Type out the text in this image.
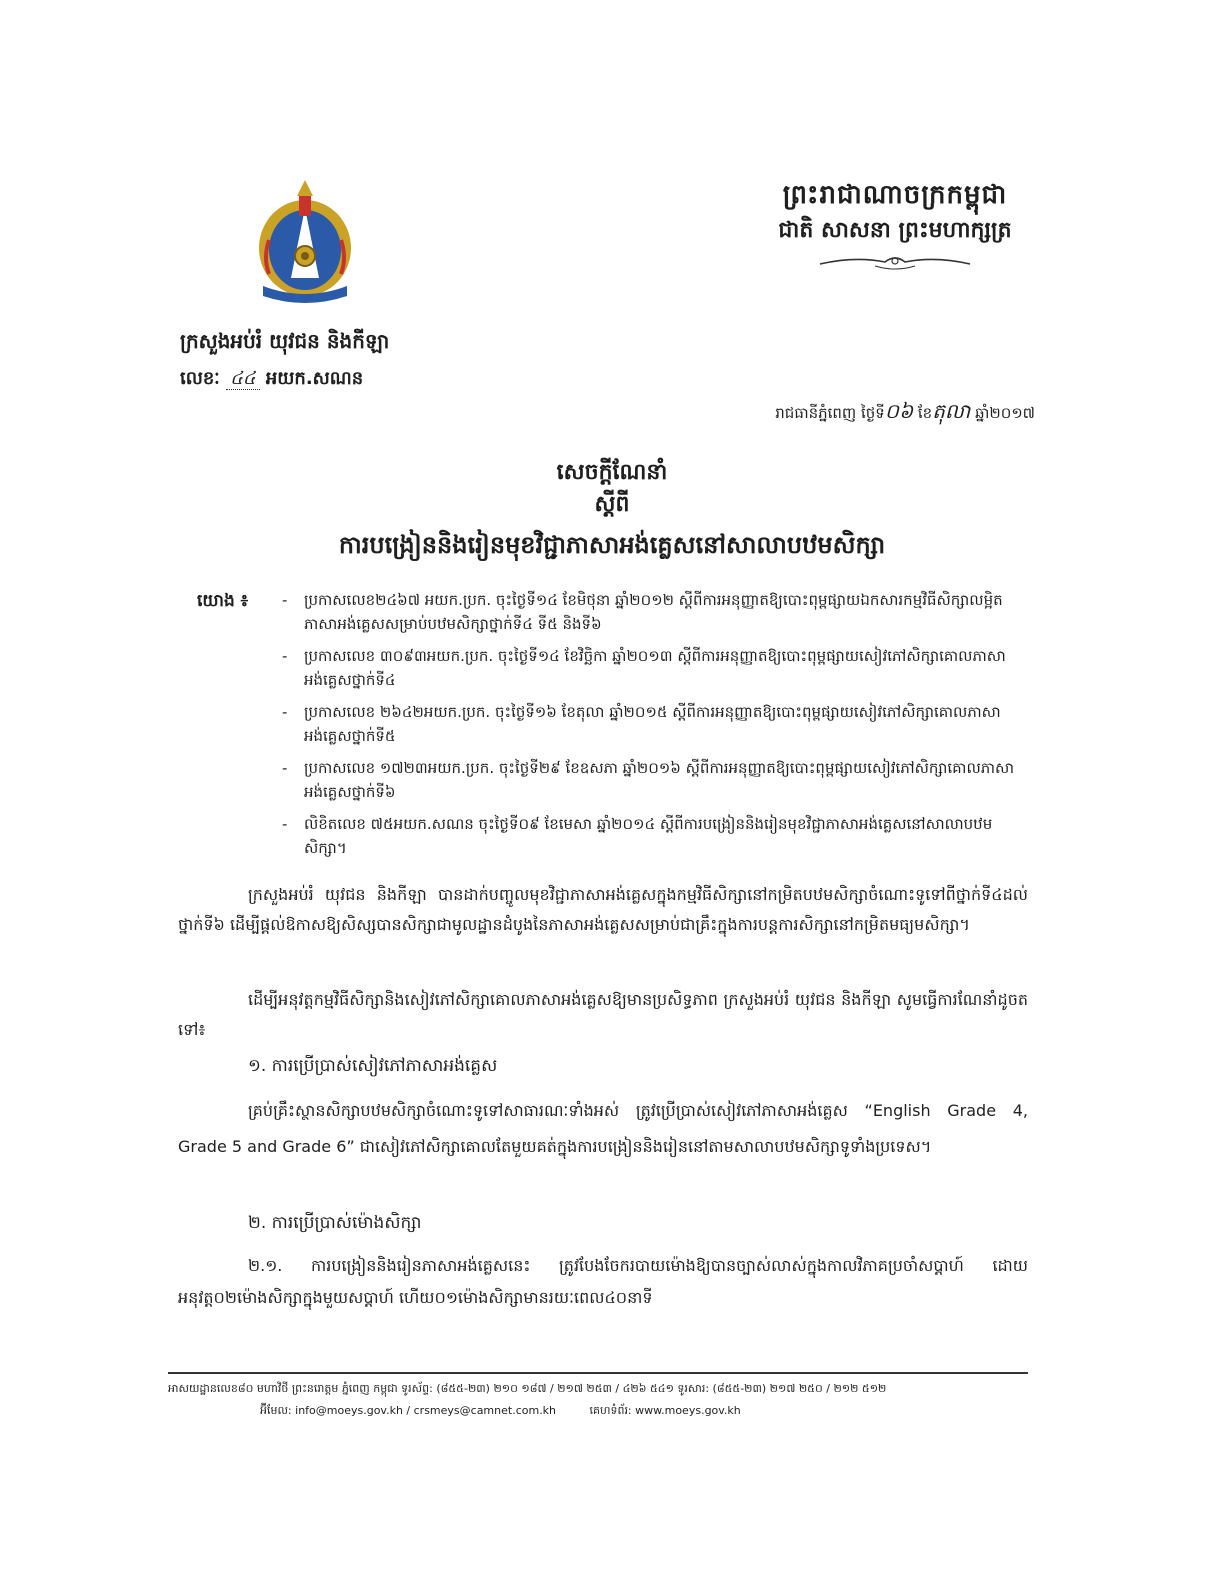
ព្រះរាជាណាចក្រកម្ពុជា
ជាតិ សាសនា ព្រះមហាក្សត្រ
ក្រសួងអប់រំ យុវជន និងកីឡា
លេខៈ ៤៤ អយក.សណន
រាជធានីភ្នំពេញ ថ្ងៃទី០៦ ខែតុលា ឆ្នាំ២០១៧
សេចក្តីណែនាំ
ស្តីពី
ការបង្រៀននិងរៀនមុខវិជ្ជាភាសាអង់គ្លេសនៅសាលាបឋមសិក្សា
យោង ៖
-	ប្រកាសលេខ២៤៦៧ អយក.ប្រក. ចុះថ្ងៃទី១៤ ខែមិថុនា ឆ្នាំ២០១២ ស្តីពីការអនុញ្ញាតឱ្យបោះពុម្ពផ្សាយឯកសារកម្មវិធីសិក្សាលម្អិតភាសាអង់គ្លេសសម្រាប់បឋមសិក្សាថ្នាក់ទី៤ ទី៥ និងទី៦
- ប្រកាសលេខ ៣០៩៣អយក.ប្រក. ចុះថ្ងៃទី១៤ ខែវិច្ឆិកា ឆ្នាំ២០១៣ ស្តីពីការអនុញ្ញាតឱ្យបោះពុម្ពផ្សាយសៀវភៅសិក្សាគោលភាសាអង់គ្លេសថ្នាក់ទី៤
- ប្រកាសលេខ ២៦៤២អយក.ប្រក. ចុះថ្ងៃទី១៦ ខែតុលា ឆ្នាំ២០១៥ ស្តីពីការអនុញ្ញាតឱ្យបោះពុម្ពផ្សាយសៀវភៅសិក្សាគោលភាសាអង់គ្លេសថ្នាក់ទី៥
- ប្រកាសលេខ ១៧២៣អយក.ប្រក. ចុះថ្ងៃទី២៩ ខែឧសភា ឆ្នាំ២០១៦ ស្តីពីការអនុញ្ញាតឱ្យបោះពុម្ពផ្សាយសៀវភៅសិក្សាគោលភាសាអង់គ្លេសថ្នាក់ទី៦
- លិខិតលេខ ៧៥អយក.សណន ចុះថ្ងៃទី០៩ ខែមេសា ឆ្នាំ២០១៤ ស្តីពីការបង្រៀននិងរៀនមុខវិជ្ជាភាសាអង់គ្លេសនៅសាលាបឋមសិក្សា។
ក្រសួងអប់រំ យុវជន និងកីឡា បានដាក់បញ្ចូលមុខវិជ្ជាភាសាអង់គ្លេសក្នុងកម្មវិធីសិក្សានៅកម្រិតបឋមសិក្សាចំណោះទូទៅពីថ្នាក់ទី៤ដល់ថ្នាក់ទី៦ ដើម្បីផ្តល់ឱកាសឱ្យសិស្សបានសិក្សាជាមូលដ្ឋានដំបូងនៃភាសាអង់គ្លេសសម្រាប់ជាគ្រឹះក្នុងការបន្តការសិក្សានៅកម្រិតមធ្យមសិក្សា។
ដើម្បីអនុវត្តកម្មវិធីសិក្សានិងសៀវភៅសិក្សាគោលភាសាអង់គ្លេសឱ្យមានប្រសិទ្ធភាព ក្រសួងអប់រំ យុវជន និងកីឡា សូមធ្វើការណែនាំដូចតទៅ៖
១. ការប្រើប្រាស់សៀវភៅភាសាអង់គ្លេស
គ្រប់គ្រឹះស្ថានសិក្សាបឋមសិក្សាចំណោះទូទៅសាធារណៈទាំងអស់ ត្រូវប្រើប្រាស់សៀវភៅភាសាអង់គ្លេស “English Grade 4, Grade 5 and Grade 6” ជាសៀវភៅសិក្សាគោលតែមួយគត់ក្នុងការបង្រៀននិងរៀននៅតាមសាលាបឋមសិក្សាទូទាំងប្រទេស។
២. ការប្រើប្រាស់ម៉ោងសិក្សា
២.១. ការបង្រៀននិងរៀនភាសាអង់គ្លេសនេះ ត្រូវបែងចែករបាយម៉ោងឱ្យបានច្បាស់លាស់ក្នុងកាលវិភាគប្រចាំសប្តាហ៍ ដោយអនុវត្ត០២ម៉ោងសិក្សាក្នុងមួយសប្តាហ៍ ហើយ០១ម៉ោងសិក្សាមានរយៈពេល៤០នាទី
អាសយដ្ឋានលេខ៨០ មហាវិថី ព្រះនរោត្តម ភ្នំពេញ កម្ពុជា ទូរស័ព្ទ: (៨៥៥-២៣) ២១០ ១៨៧ / ២១៧ ២៥៣ / ៤២៦ ៥៤១ ទូរសារ: (៨៥៥-២៣) ២១៧ ២៥០ / ២១២ ៥១២
អ៊ីមែល: info@moeys.gov.kh / crsmeys@camnet.com.kh	គេហទំព័រ: www.moeys.gov.kh
